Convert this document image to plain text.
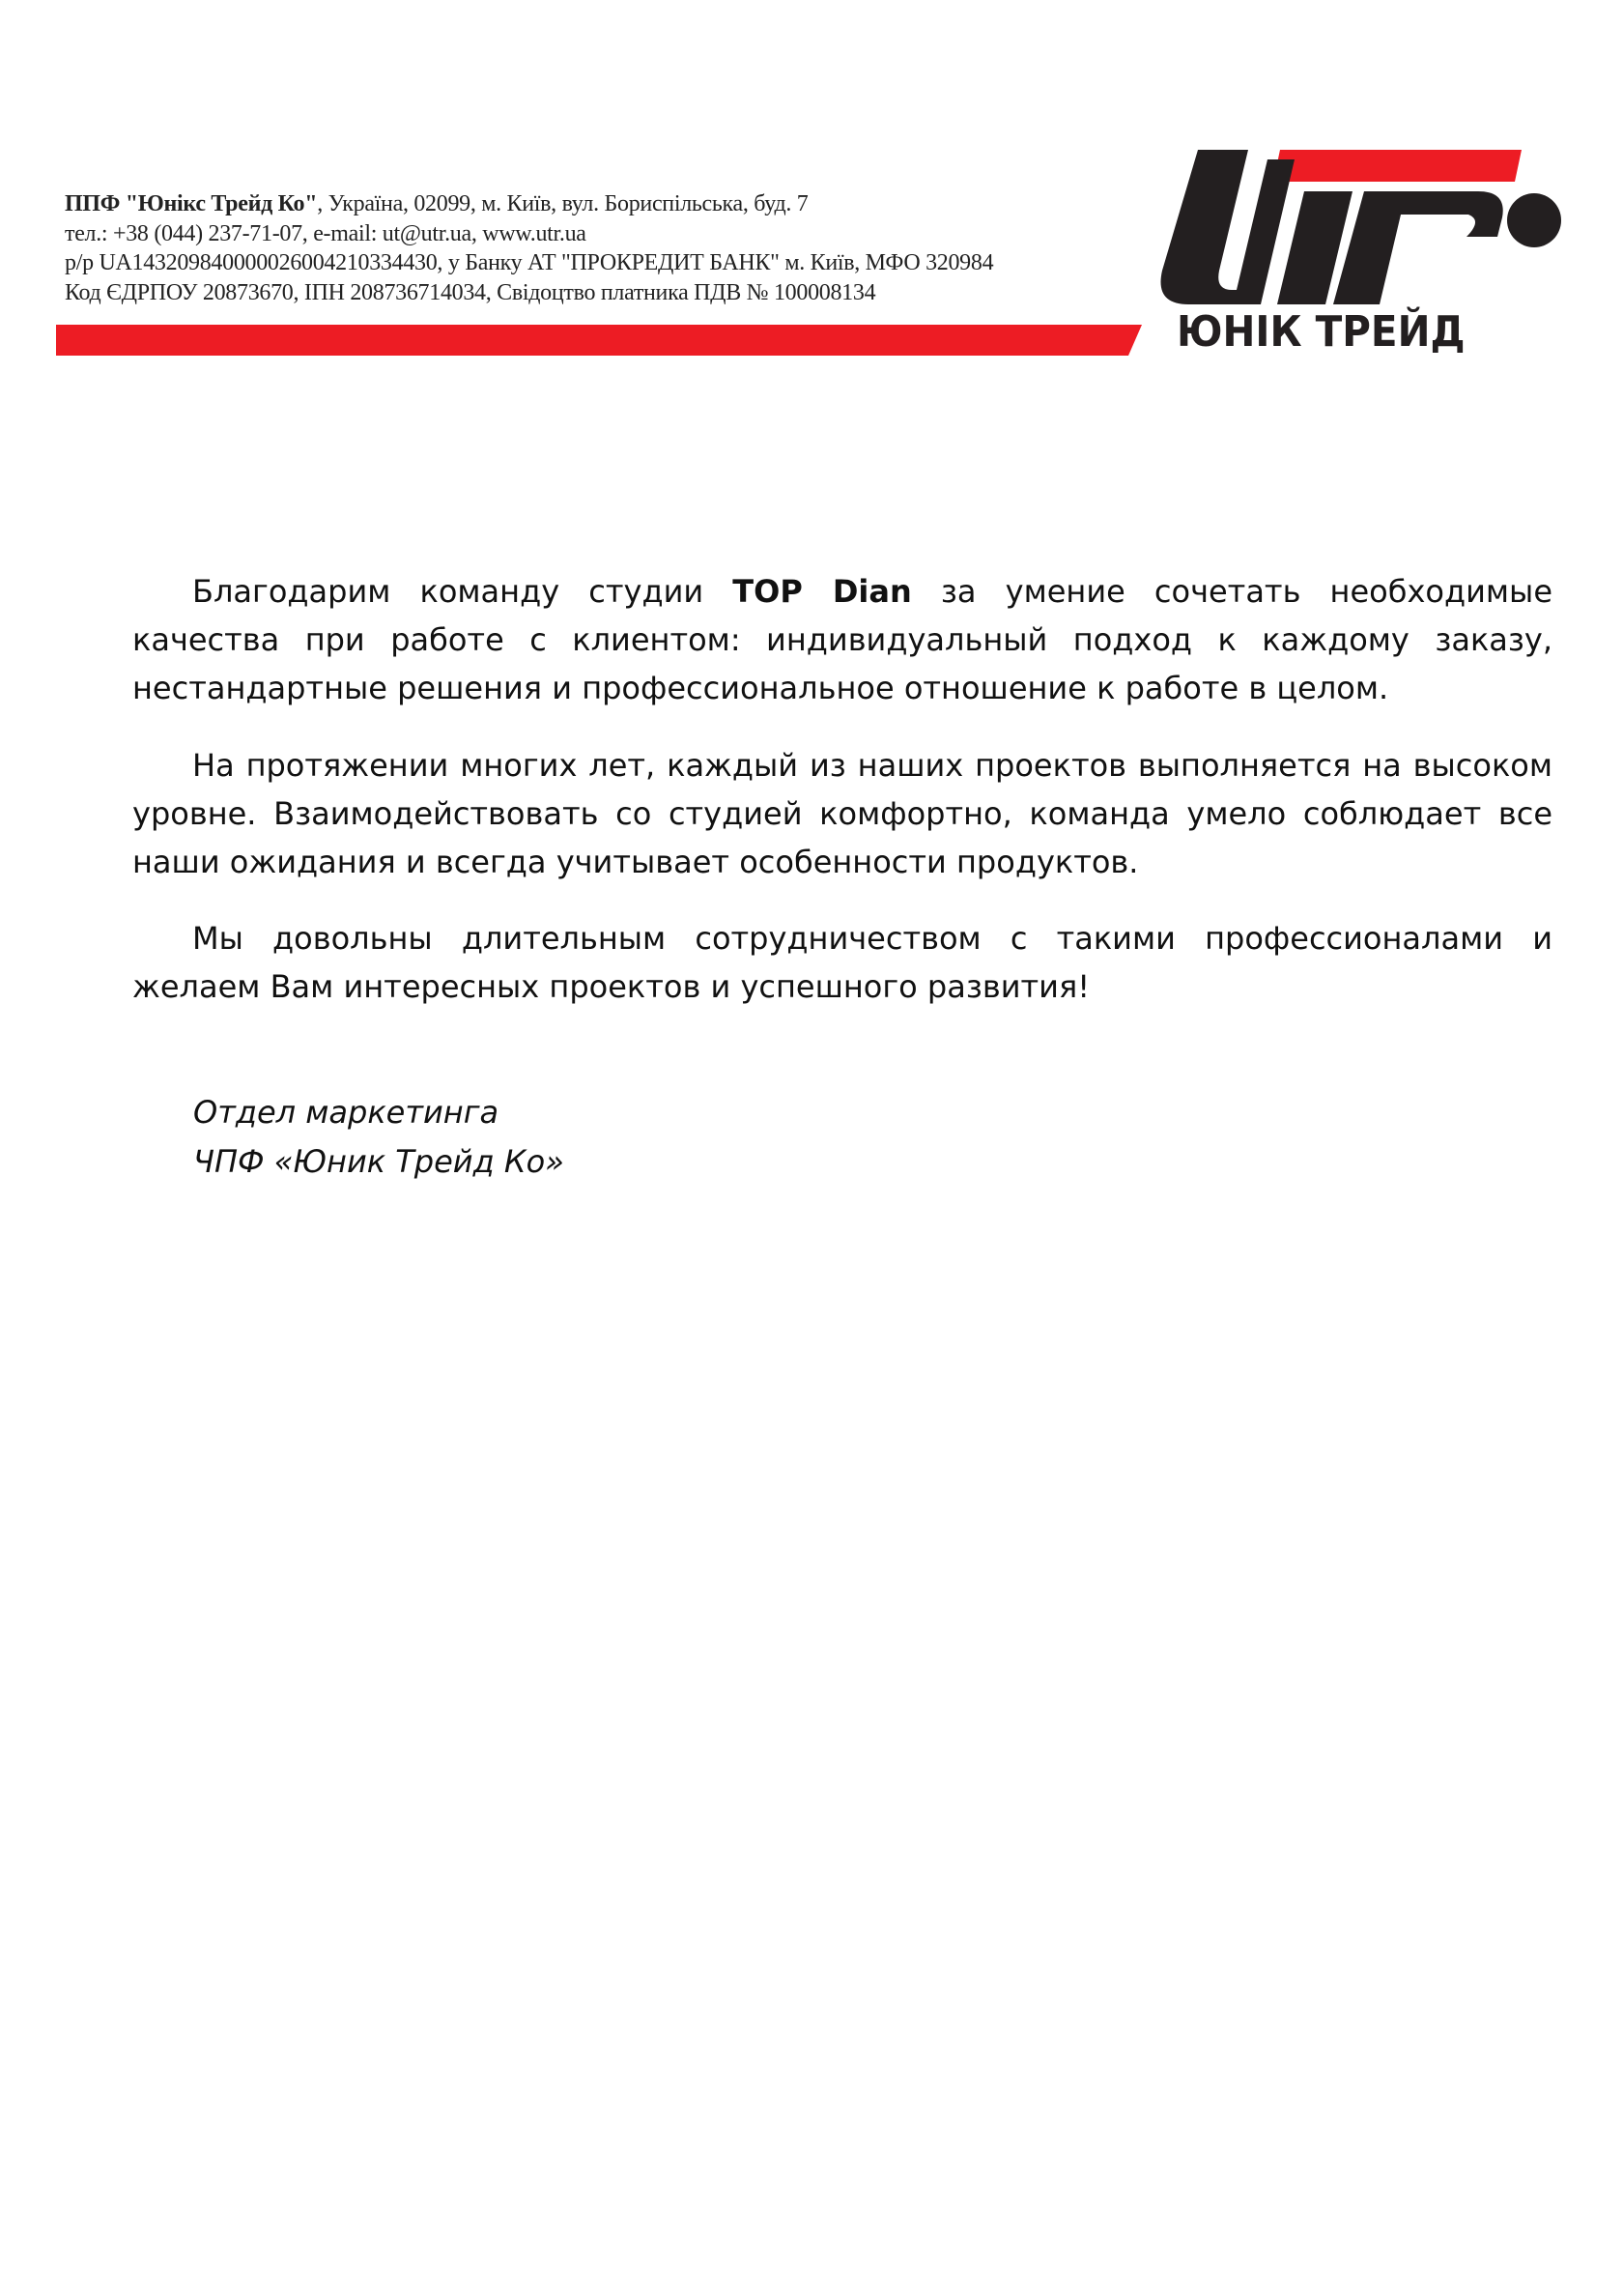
ППФ "Юнікс Трейд Ко", Україна, 02099, м. Київ, вул. Бориспільська, буд. 7
тел.: +38 (044) 237-71-07, e-mail: ut@utr.ua, www.utr.ua
р/р UA143209840000026004210334430, у Банку АТ "ПРОКРЕДИТ БАНК" м. Київ, МФО 320984
Код ЄДРПОУ 20873670, ІПН 208736714034, Свідоцтво платника ПДВ № 100008134
ЮНІК ТРЕЙД

Благодарим команду студии TOP Dian за умение сочетать необходимые качества при работе с клиентом: индивидуальный подход к каждому заказу, нестандартные решения и профессиональное отношение к работе в целом.

На протяжении многих лет, каждый из наших проектов выполняется на высоком уровне. Взаимодействовать со студией комфортно, команда умело соблюдает все наши ожидания и всегда учитывает особенности продуктов.

Мы довольны длительным сотрудничеством с такими профессионалами и желаем Вам интересных проектов и успешного развития!

Отдел маркетинга
ЧПФ «Юник Трейд Ко»
